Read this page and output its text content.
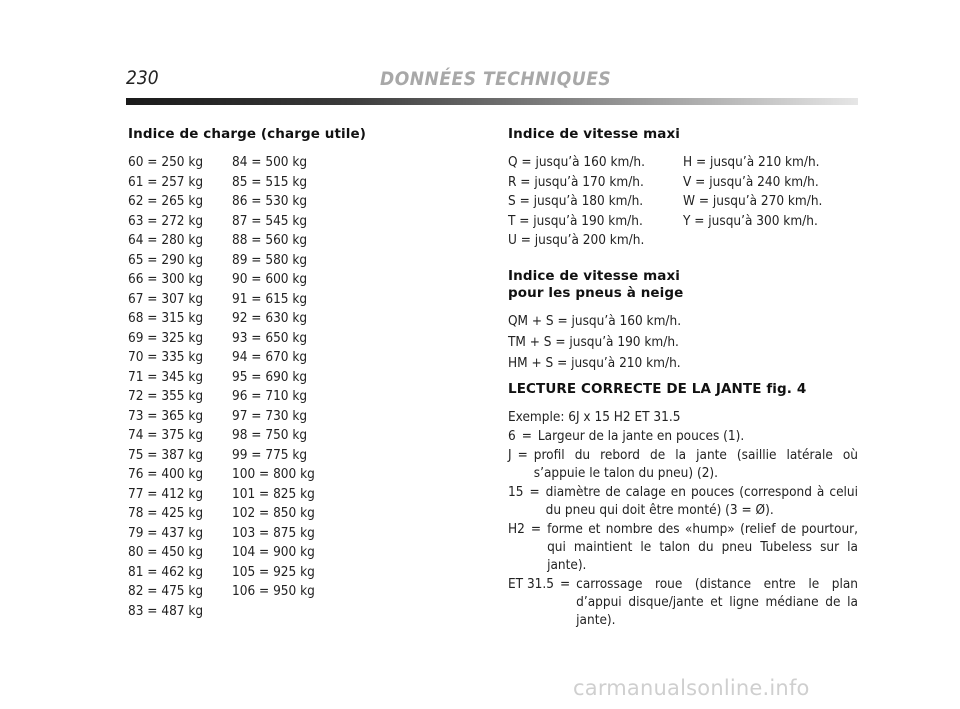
230	DONNÉES TECHNIQUES
Indice de charge (charge utile)
60 = 250 kg
61 = 257 kg
62 = 265 kg
63 = 272 kg
64 = 280 kg
65 = 290 kg
66 = 300 kg
67 = 307 kg
68 = 315 kg
69 = 325 kg
70 = 335 kg
71 = 345 kg
72 = 355 kg
73 = 365 kg
74 = 375 kg
75 = 387 kg
76 = 400 kg
77 = 412 kg
78 = 425 kg
79 = 437 kg
80 = 450 kg
81 = 462 kg
82 = 475 kg
83 = 487 kg
84 = 500 kg
85 = 515 kg
86 = 530 kg
87 = 545 kg
88 = 560 kg
89 = 580 kg
90 = 600 kg
91 = 615 kg
92 = 630 kg
93 = 650 kg
94 = 670 kg
95 = 690 kg
96 = 710 kg
97 = 730 kg
98 = 750 kg
99 = 775 kg
100 = 800 kg
101 = 825 kg
102 = 850 kg
103 = 875 kg
104 = 900 kg
105 = 925 kg
106 = 950 kg
Indice de vitesse maxi
Q = jusqu’à 160 km/h.
R = jusqu’à 170 km/h.
S = jusqu’à 180 km/h.
T = jusqu’à 190 km/h.
U = jusqu’à 200 km/h.
H = jusqu’à 210 km/h.
V = jusqu’à 240 km/h.
W = jusqu’à 270 km/h.
Y = jusqu’à 300 km/h.
Indice de vitesse maxi
pour les pneus à neige
QM + S = jusqu’à 160 km/h.
TM + S = jusqu’à 190 km/h.
HM + S = jusqu’à 210 km/h.
LECTURE CORRECTE DE LA JANTE fig. 4
Exemple: 6J x 15 H2 ET 31.5
6 = Largeur de la jante en pouces (1).
J = profil du rebord de la jante (saillie latérale où s’appuie le talon du pneu) (2).
15 = diamètre de calage en pouces (correspond à celui du pneu qui doit être monté) (3 = Ø).
H2 = forme et nombre des «hump» (relief de pourtour, qui maintient le talon du pneu Tubeless sur la jante).
ET 31.5 = carrossage roue (distance entre le plan d’appui disque/jante et ligne médiane de la jante).
carmanualsonline.info
